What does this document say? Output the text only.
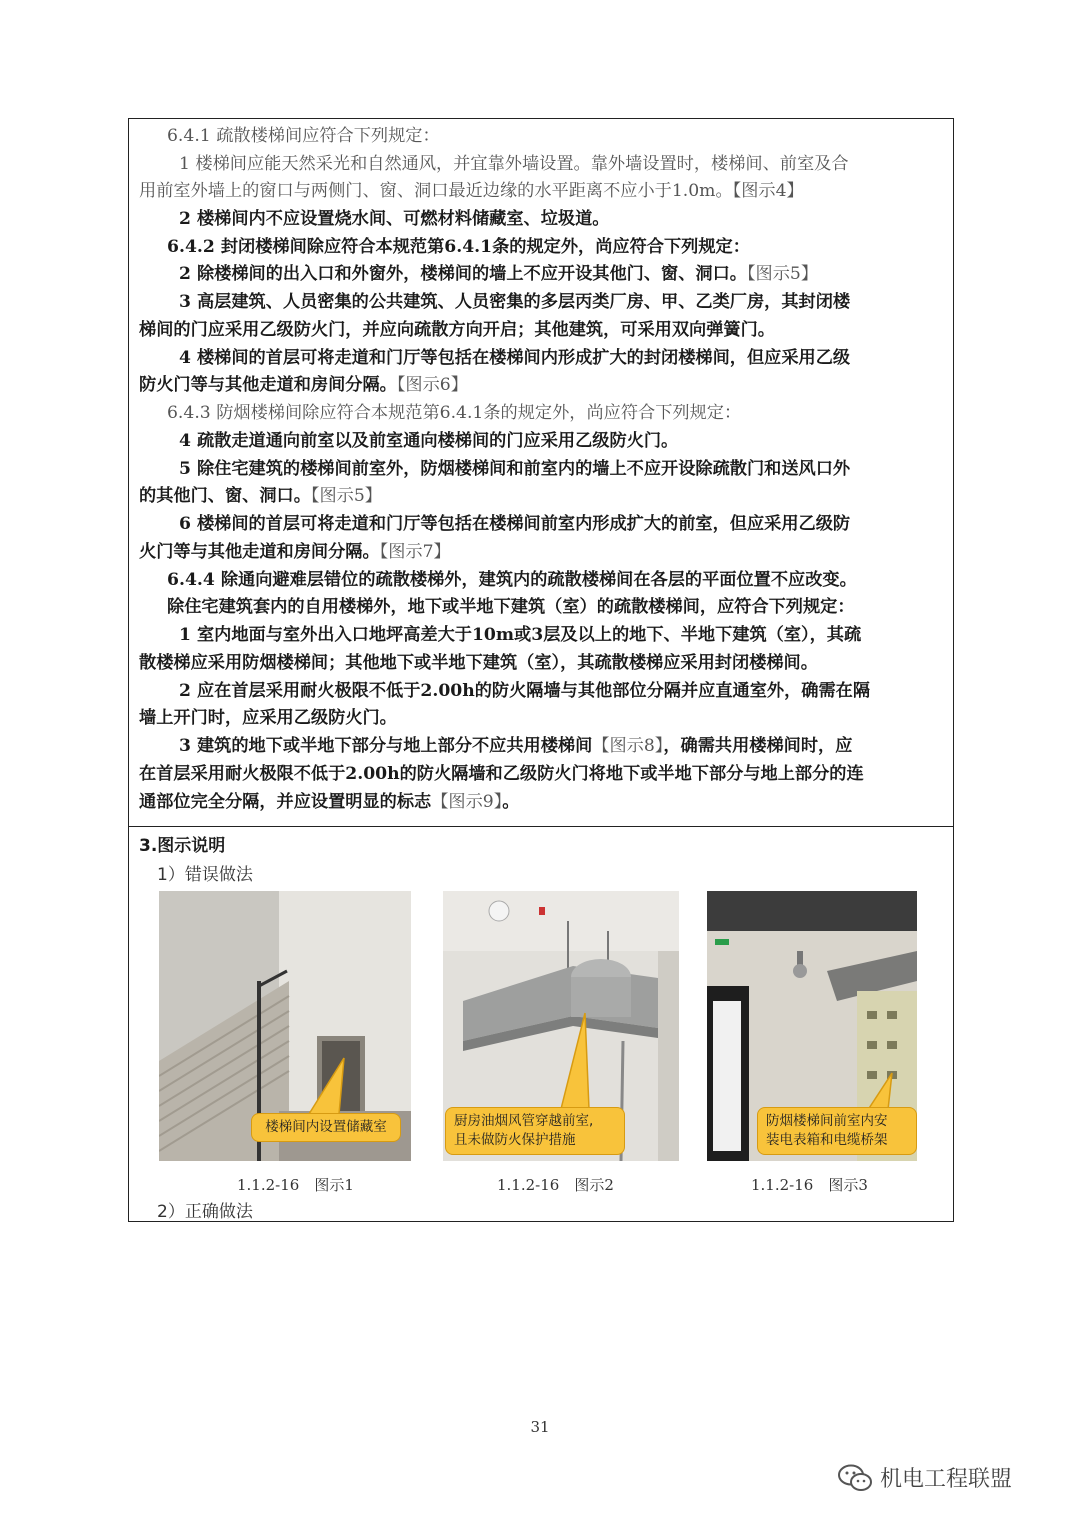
6.4.1 疏散楼梯间应符合下列规定：
1 楼梯间应能天然采光和自然通风，并宜靠外墙设置。靠外墙设置时，楼梯间、前室及合
用前室外墙上的窗口与两侧门、窗、洞口最近边缘的水平距离不应小于1.0m。【图示4】
2 楼梯间内不应设置烧水间、可燃材料储藏室、垃圾道。
6.4.2 封闭楼梯间除应符合本规范第6.4.1条的规定外，尚应符合下列规定：
2 除楼梯间的出入口和外窗外，楼梯间的墙上不应开设其他门、窗、洞口。【图示5】
3 高层建筑、人员密集的公共建筑、人员密集的多层丙类厂房、甲、乙类厂房，其封闭楼
梯间的门应采用乙级防火门，并应向疏散方向开启；其他建筑，可采用双向弹簧门。
4 楼梯间的首层可将走道和门厅等包括在楼梯间内形成扩大的封闭楼梯间，但应采用乙级
防火门等与其他走道和房间分隔。【图示6】
6.4.3 防烟楼梯间除应符合本规范第6.4.1条的规定外，尚应符合下列规定：
4 疏散走道通向前室以及前室通向楼梯间的门应采用乙级防火门。
5 除住宅建筑的楼梯间前室外，防烟楼梯间和前室内的墙上不应开设除疏散门和送风口外
的其他门、窗、洞口。【图示5】
6 楼梯间的首层可将走道和门厅等包括在楼梯间前室内形成扩大的前室，但应采用乙级防
火门等与其他走道和房间分隔。【图示7】
6.4.4 除通向避难层错位的疏散楼梯外，建筑内的疏散楼梯间在各层的平面位置不应改变。
除住宅建筑套内的自用楼梯外，地下或半地下建筑（室）的疏散楼梯间，应符合下列规定：
1 室内地面与室外出入口地坪高差大于10m或3层及以上的地下、半地下建筑（室），其疏
散楼梯应采用防烟楼梯间；其他地下或半地下建筑（室），其疏散楼梯应采用封闭楼梯间。
2 应在首层采用耐火极限不低于2.00h的防火隔墙与其他部位分隔并应直通室外，确需在隔
墙上开门时，应采用乙级防火门。
3 建筑的地下或半地下部分与地上部分不应共用楼梯间【图示8】，确需共用楼梯间时，应
在首层采用耐火极限不低于2.00h的防火隔墙和乙级防火门将地下或半地下部分与地上部分的连
通部位完全分隔，并应设置明显的标志【图示9】。
3.图示说明
1）错误做法
楼梯间内设置储藏室
1.1.2-16　图示1
厨房油烟风管穿越前室,
且未做防火保护措施
1.1.2-16　图示2
防烟楼梯间前室内安
装电表箱和电缆桥架
1.1.2-16　图示3
2）正确做法
31
机电工程联盟
